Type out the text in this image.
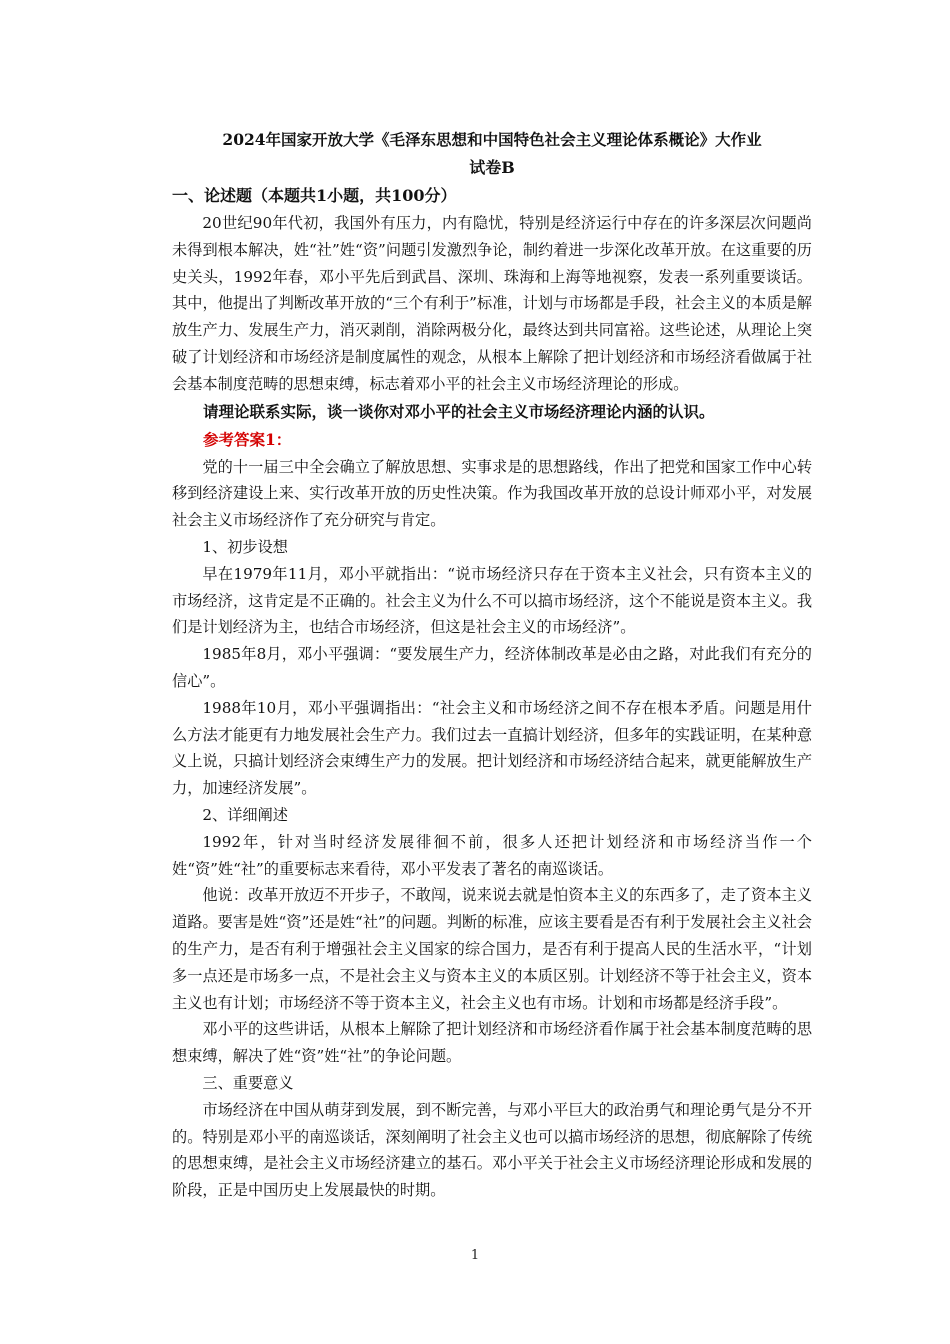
2024年国家开放大学《毛泽东思想和中国特色社会主义理论体系概论》大作业
试卷B
一、论述题（本题共1小题，共100分）

20世纪90年代初，我国外有压力，内有隐忧，特别是经济运行中存在的许多深层次问题尚未得到根本解决，姓“社”姓“资”问题引发激烈争论，制约着进一步深化改革开放。在这重要的历史关头，1992年春，邓小平先后到武昌、深圳、珠海和上海等地视察，发表一系列重要谈话。其中，他提出了判断改革开放的“三个有利于”标准，计划与市场都是手段，社会主义的本质是解放生产力、发展生产力，消灭剥削，消除两极分化，最终达到共同富裕。这些论述，从理论上突破了计划经济和市场经济是制度属性的观念，从根本上解除了把计划经济和市场经济看做属于社会基本制度范畴的思想束缚，标志着邓小平的社会主义市场经济理论的形成。

请理论联系实际，谈一谈你对邓小平的社会主义市场经济理论内涵的认识。

参考答案1：

党的十一届三中全会确立了解放思想、实事求是的思想路线，作出了把党和国家工作中心转移到经济建设上来、实行改革开放的历史性决策。作为我国改革开放的总设计师邓小平，对发展社会主义市场经济作了充分研究与肯定。

1、初步设想

早在1979年11月，邓小平就指出：“说市场经济只存在于资本主义社会，只有资本主义的市场经济，这肯定是不正确的。社会主义为什么不可以搞市场经济，这个不能说是资本主义。我们是计划经济为主，也结合市场经济，但这是社会主义的市场经济”。

1985年8月，邓小平强调：“要发展生产力，经济体制改革是必由之路，对此我们有充分的信心”。

1988年10月，邓小平强调指出：“社会主义和市场经济之间不存在根本矛盾。问题是用什么方法才能更有力地发展社会生产力。我们过去一直搞计划经济，但多年的实践证明，在某种意义上说，只搞计划经济会束缚生产力的发展。把计划经济和市场经济结合起来，就更能解放生产力，加速经济发展”。

2、详细阐述

1992年，针对当时经济发展徘徊不前，很多人还把计划经济和市场经济当作一个姓“资”姓“社”的重要标志来看待，邓小平发表了著名的南巡谈话。

他说：改革开放迈不开步子，不敢闯，说来说去就是怕资本主义的东西多了，走了资本主义道路。要害是姓“资”还是姓“社”的问题。判断的标准，应该主要看是否有利于发展社会主义社会的生产力，是否有利于增强社会主义国家的综合国力，是否有利于提高人民的生活水平，“计划多一点还是市场多一点，不是社会主义与资本主义的本质区别。计划经济不等于社会主义，资本主义也有计划；市场经济不等于资本主义，社会主义也有市场。计划和市场都是经济手段”。

邓小平的这些讲话，从根本上解除了把计划经济和市场经济看作属于社会基本制度范畴的思想束缚，解决了姓“资”姓“社”的争论问题。

三、重要意义

市场经济在中国从萌芽到发展，到不断完善，与邓小平巨大的政治勇气和理论勇气是分不开的。特别是邓小平的南巡谈话，深刻阐明了社会主义也可以搞市场经济的思想，彻底解除了传统的思想束缚，是社会主义市场经济建立的基石。邓小平关于社会主义市场经济理论形成和发展的阶段，正是中国历史上发展最快的时期。

1
